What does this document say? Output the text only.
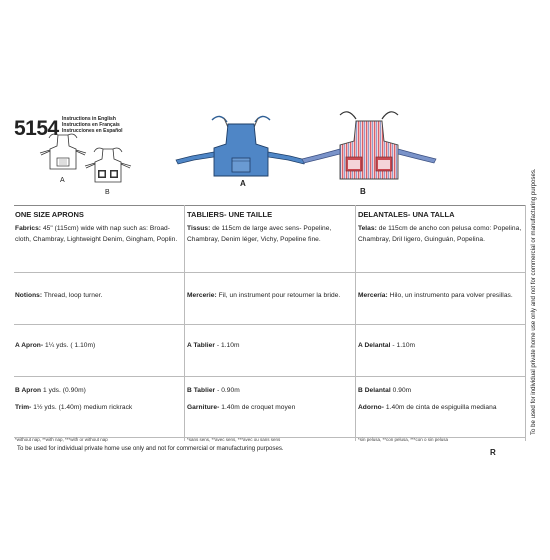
5154 Instructions in English
Instructions en Français
Instrucciones en Español
A
B
A
B
ONE SIZE APRONS
Fabrics: 45" (115cm) wide with nap such as: Broad-cloth, Chambray, Lightweight Denim, Gingham, Poplin.
Notions: Thread, loop turner.
A Apron- 1¼ yds. ( 1.10m)
B Apron 1 yds. (0.90m)
Trim- 1½ yds. (1.40m) medium rickrack
*without nap, **with nap, ***with or without nap
TABLIERS- UNE TAILLE
Tissus: de 115cm de large avec sens- Popeline, Chambray, Denim léger, Vichy, Popeline fine.
Mercerie: Fil, un instrument pour retourner la bride.
A Tablier - 1.10m
B Tablier - 0.90m
Garniture- 1.40m de croquet moyen
*sans sens, **avec sens, ***avec ou sans sens
DELANTALES- UNA TALLA
Telas: de 115cm de ancho con pelusa como: Popelina, Chambray, Dril ligero, Guinguán, Popelina.
Mercería: Hilo, un instrumento para volver presillas.
A Delantal - 1.10m
B Delantal 0.90m
Adorno- 1.40m de cinta de espiguilla mediana
*sin pelusa, **con pelusa, ***con o sin pelusa
To be used for individual private home use only and not for commercial or manufacturing purposes.	R
To be used for individual private home use only and not for commercial or manufacturing purposes.
